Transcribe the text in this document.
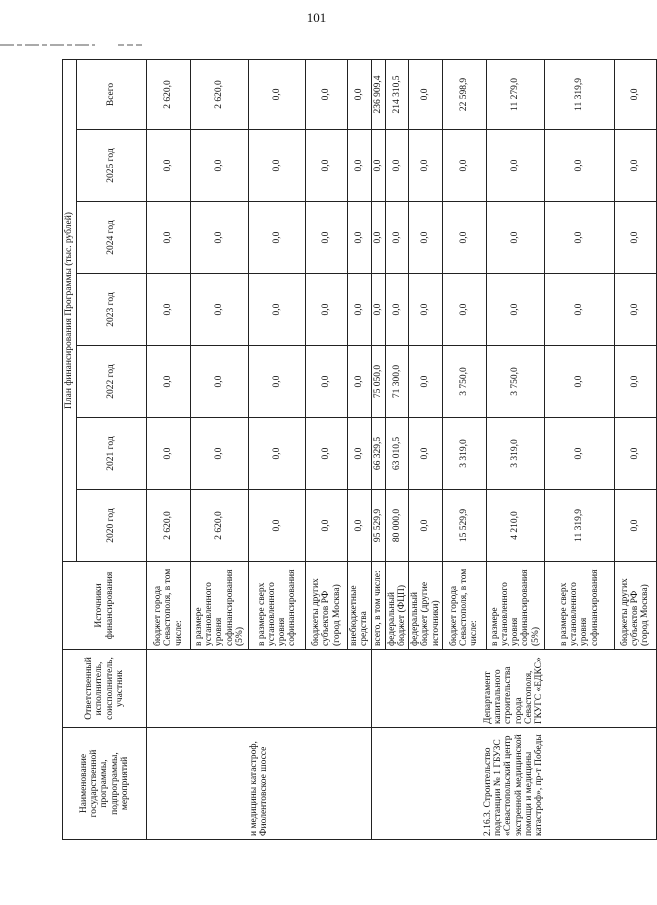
101
Наименование государственной программы, подпрограммы, мероприятий	Ответственный исполнитель, соисполнитель, участник	Источники финансирования	План финансирования Программы (тыс. рублей)						
			2020 год	2021 год	2022 год	2023 год	2024 год	2025 год	Всего
и медицины катастроф, Фиолентовское шоссе		бюджет города Севастополя, в том числе:	2 620,0	0,0	0,0	0,0	0,0	0,0	2 620,0
		в размере установленного уровня софинансирования (5%)	2 620,0	0,0	0,0	0,0	0,0	0,0	2 620,0
		в размере сверх установленного уровня софинансирования	0,0	0,0	0,0	0,0	0,0	0,0	0,0
		бюджеты других субъектов РФ (город Москва)	0,0	0,0	0,0	0,0	0,0	0,0	0,0
		внебюджетные средства	0,0	0,0	0,0	0,0	0,0	0,0	0,0
2.16.3. Строительство подстанции № 1 ГБУЗС «Севастопольский центр экстренной медицинской помощи и медицины катастроф», пр-т Победы	Департамент капитального строительства города Севастополя, ГКУГС «ЕДКС»	всего, в том числе:	95 529,9	66 329,5	75 050,0	0,0	0,0	0,0	236 909,4
		федеральный бюджет (ФЦП)	80 000,0	63 010,5	71 300,0	0,0	0,0	0,0	214 310,5
		федеральный бюджет (другие источники)	0,0	0,0	0,0	0,0	0,0	0,0	0,0
		бюджет города Севастополя, в том числе:	15 529,9	3 319,0	3 750,0	0,0	0,0	0,0	22 598,9
		в размере установленного уровня софинансирования (5%)	4 210,0	3 319,0	3 750,0	0,0	0,0	0,0	11 279,0
		в размере сверх установленного уровня софинансирования	11 319,9	0,0	0,0	0,0	0,0	0,0	11 319,9
		бюджеты других субъектов РФ (город Москва)	0,0	0,0	0,0	0,0	0,0	0,0	0,0
